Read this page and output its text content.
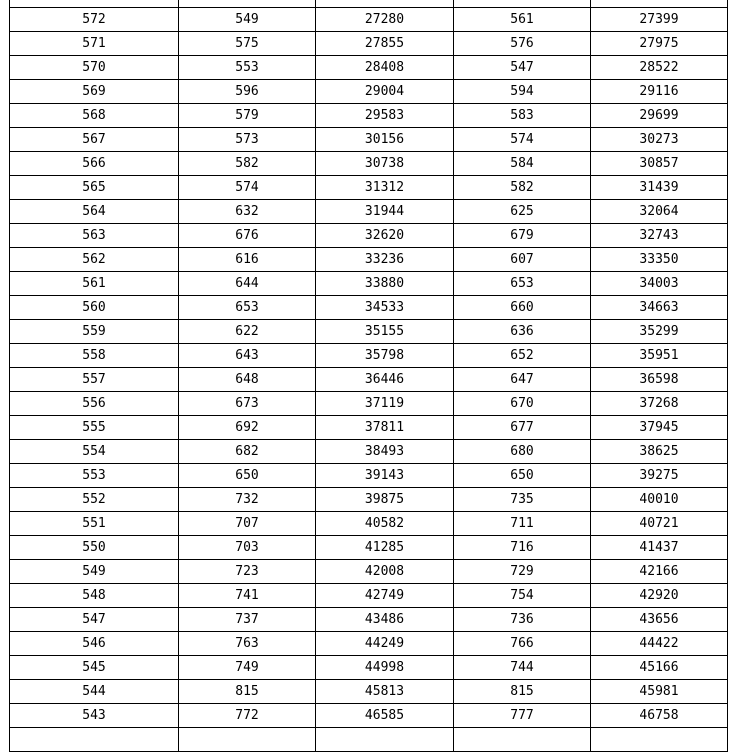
572	549	27280	561	27399
571	575	27855	576	27975
570	553	28408	547	28522
569	596	29004	594	29116
568	579	29583	583	29699
567	573	30156	574	30273
566	582	30738	584	30857
565	574	31312	582	31439
564	632	31944	625	32064
563	676	32620	679	32743
562	616	33236	607	33350
561	644	33880	653	34003
560	653	34533	660	34663
559	622	35155	636	35299
558	643	35798	652	35951
557	648	36446	647	36598
556	673	37119	670	37268
555	692	37811	677	37945
554	682	38493	680	38625
553	650	39143	650	39275
552	732	39875	735	40010
551	707	40582	711	40721
550	703	41285	716	41437
549	723	42008	729	42166
548	741	42749	754	42920
547	737	43486	736	43656
546	763	44249	766	44422
545	749	44998	744	45166
544	815	45813	815	45981
543	772	46585	777	46758
